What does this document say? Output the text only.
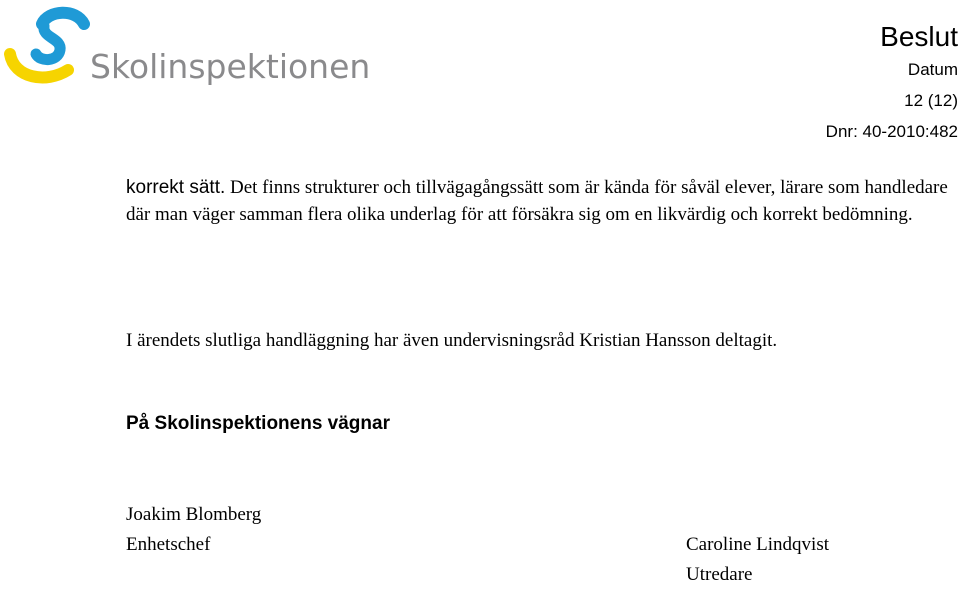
Skolinspektionen

Beslut

Datum

12 (12)

Dnr: 40-2010:482

korrekt sätt. Det finns strukturer och tillvägagångssätt som är kända för såväl elever, lärare som handledare där man väger samman flera olika underlag för att försäkra sig om en likvärdig och korrekt bedömning.

I ärendets slutliga handläggning har även undervisningsråd Kristian Hansson deltagit.

På Skolinspektionens vägnar

Joakim Blomberg
Enhetschef	Caroline Lindqvist
Utredare
